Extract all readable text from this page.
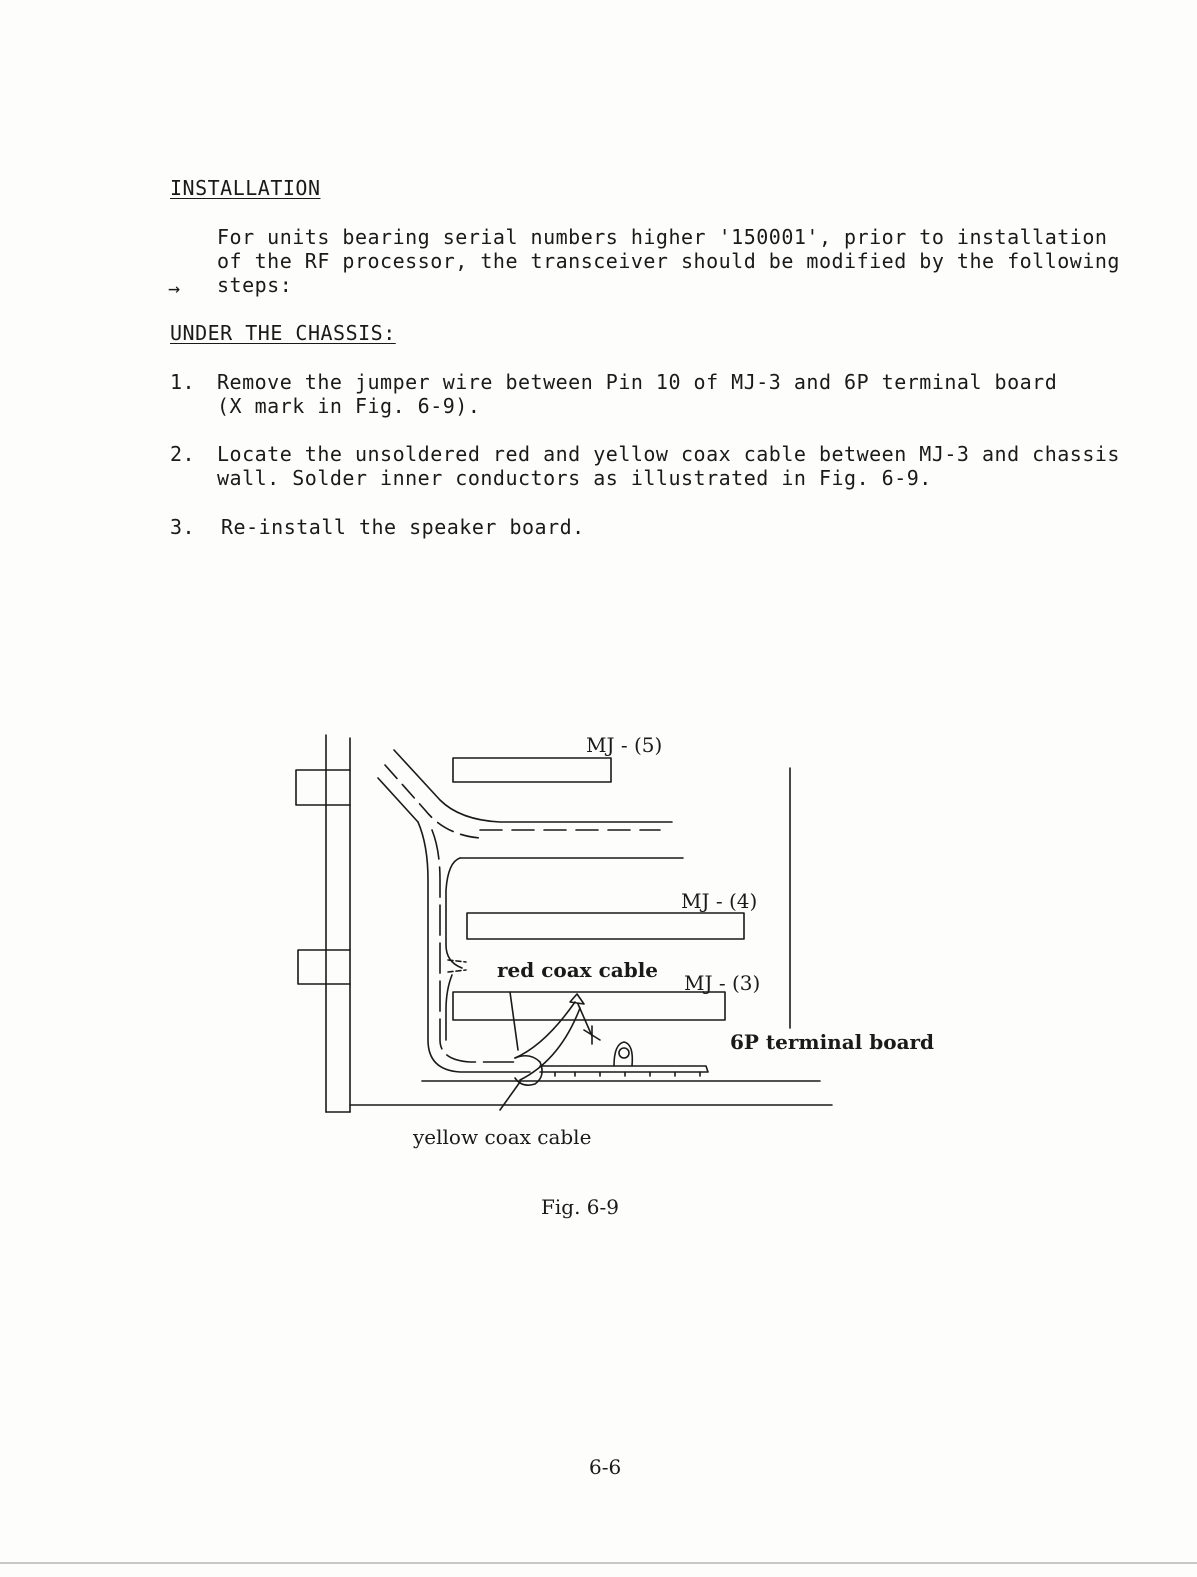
INSTALLATION
→
For units bearing serial numbers higher '150001', prior to installation
of the RF processor, the transceiver should be modified by the following
steps:
UNDER THE CHASSIS:
1. Remove the jumper wire between Pin 10 of MJ-3 and 6P terminal board
(X mark in Fig. 6-9).
2. Locate the unsoldered red and yellow coax cable between MJ-3 and chassis
wall. Solder inner conductors as illustrated in Fig. 6-9.
3. Re-install the speaker board.
MJ - (5)
MJ - (4)
MJ - (3)
red coax cable
yellow coax cable
6P terminal board
Fig. 6-9
6-6
